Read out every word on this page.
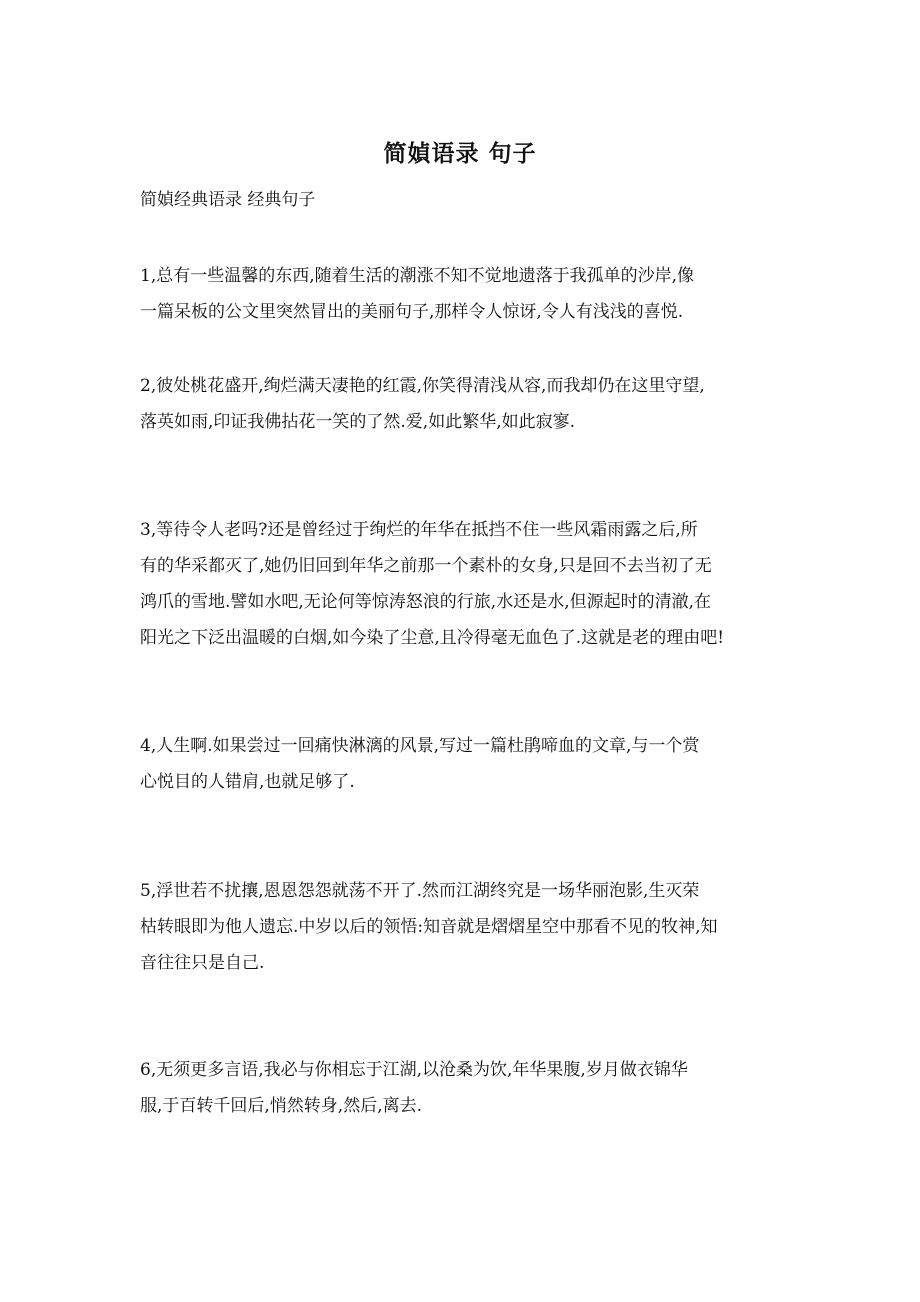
简媜语录 句子
简媜经典语录 经典句子

1,总有一些温馨的东西,随着生活的潮涨不知不觉地遗落于我孤单的沙岸,像
一篇呆板的公文里突然冒出的美丽句子,那样令人惊讶,令人有浅浅的喜悦.

2,彼处桃花盛开,绚烂满天凄艳的红霞,你笑得清浅从容,而我却仍在这里守望,
落英如雨,印证我佛拈花一笑的了然.爱,如此繁华,如此寂寥.

3,等待令人老吗?还是曾经过于绚烂的年华在抵挡不住一些风霜雨露之后,所
有的华采都灭了,她仍旧回到年华之前那一个素朴的女身,只是回不去当初了无
鸿爪的雪地.譬如水吧,无论何等惊涛怒浪的行旅,水还是水,但源起时的清澈,在
阳光之下泛出温暖的白烟,如今染了尘意,且冷得毫无血色了.这就是老的理由吧!

4,人生啊.如果尝过一回痛快淋漓的风景,写过一篇杜鹃啼血的文章,与一个赏
心悦目的人错肩,也就足够了.

5,浮世若不扰攘,恩恩怨怨就荡不开了.然而江湖终究是一场华丽泡影,生灭荣
枯转眼即为他人遗忘.中岁以后的领悟:知音就是熠熠星空中那看不见的牧神,知
音往往只是自己.

6,无须更多言语,我必与你相忘于江湖,以沧桑为饮,年华果腹,岁月做衣锦华
服,于百转千回后,悄然转身,然后,离去.
